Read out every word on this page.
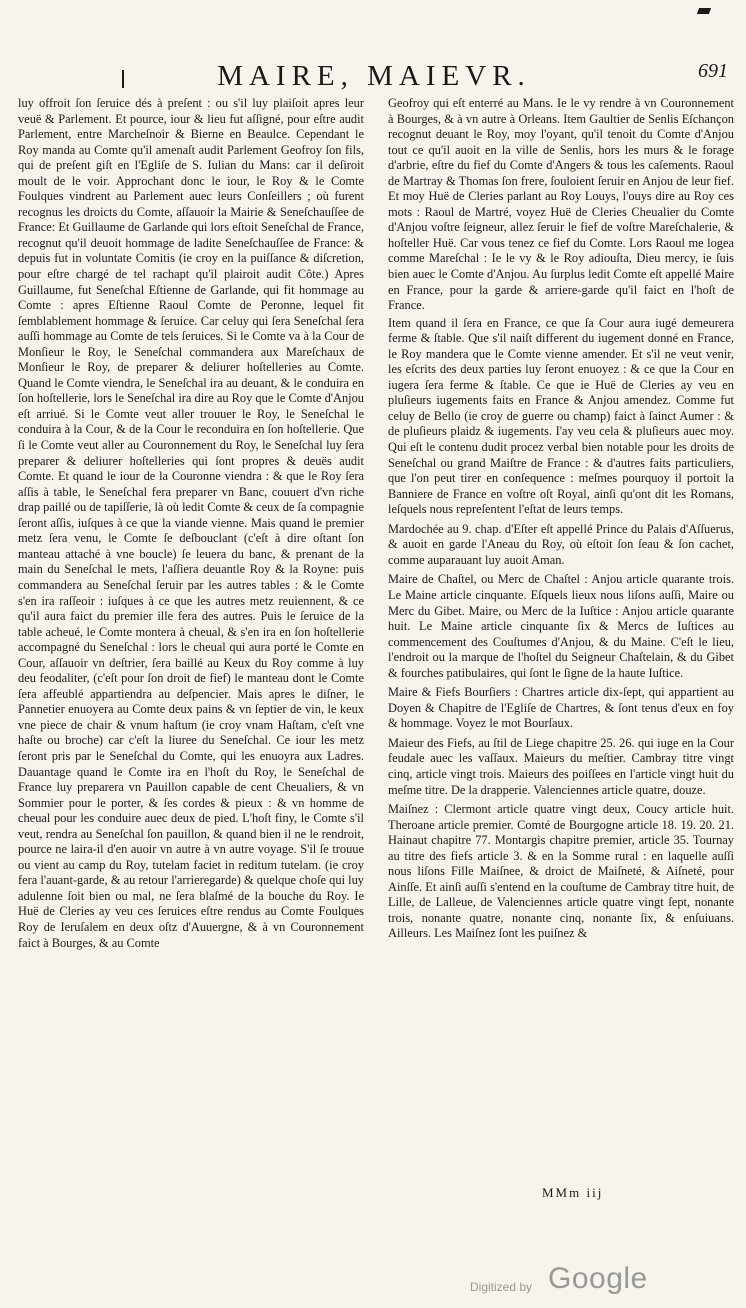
MAIRE, MAIEVR.	691

luy offroit ſon ſeruice dés à preſent : ou s'il luy plaiſoit apres leur veuë & Parlement. Et pource, iour & lieu fut aſſigné, pour eſtre audit Parlement, entre Marcheſnoir & Bierne en Beaulce. Cependant le Roy manda au Comte qu'il amenaſt audit Parlement Geofroy ſon fils, qui de preſent giſt en l'Egliſe de S. Iulian du Mans: car il deſiroit moult de le voir. Approchant donc le iour, le Roy & le Comte Foulques vindrent au Parlement auec leurs Conſeillers ; où furent recognus les droicts du Comte, aſſauoir la Mairie & Seneſchauſſee de France: Et Guillaume de Garlande qui lors eſtoit Seneſchal de France, recognut qu'il deuoit hommage de ladite Seneſchauſſee de France: & depuis fut in voluntate Comitis (ie croy en la puiſſance & diſcretion, pour eſtre chargé de tel rachapt qu'il plairoit audit Côte.) Apres Guillaume, fut Seneſchal Eſtienne de Garlande, qui fit hommage au Comte : apres Eſtienne Raoul Comte de Peronne, lequel fit ſemblablement hommage & ſeruice. Car celuy qui ſera Seneſchal ſera auſſi hommage au Comte de tels ſeruices. Si le Comte va à la Cour de Monſieur le Roy, le Seneſchal commandera aux Mareſchaux de Monſieur le Roy, de preparer & deliurer hoſtelleries au Comte. Quand le Comte viendra, le Seneſchal ira au deuant, & le conduira en ſon hoſtellerie, lors le Seneſchal ira dire au Roy que le Comte d'Anjou eſt arriué. Si le Comte veut aller trouuer le Roy, le Seneſchal le conduira à la Cour, & de la Cour le reconduira en ſon hoſtellerie. Que ſi le Comte veut aller au Couronnement du Roy, le Seneſchal luy ſera preparer & deliurer hoſtelleries qui ſont propres & deuës audit Comte. Et quand le iour de la Couronne viendra : & que le Roy ſera aſſis à table, le Seneſchal fera preparer vn Banc, couuert d'vn riche drap paillé ou de tapiſſerie, là où ledit Comte & ceux de ſa compagnie ſeront aſſis, iuſques à ce que la viande vienne. Mais quand le premier metz ſera venu, le Comte ſe deſbouclant (c'eſt à dire oſtant ſon manteau attaché à vne boucle) ſe leuera du banc, & prenant de la main du Seneſchal le mets, l'aſſiera deuantle Roy & la Royne: puis commandera au Seneſchal ſeruir par les autres tables : & le Comte s'en ira raſſeoir : iuſques à ce que les autres metz reuiennent, & ce qu'il aura faict du premier ille fera des autres. Puis le ſeruice de la table acheué, le Comte montera à cheual, & s'en ira en ſon hoſtellerie accompagné du Seneſchal : lors le cheual qui aura porté le Comte en Cour, aſſauoir vn deſtrier, ſera baillé au Keux du Roy comme à luy deu feodaliter, (c'eſt pour ſon droit de fief) le manteau dont le Comte ſera affeublé appartiendra au deſpencier. Mais apres le diſner, le Pannetier enuoyera au Comte deux pains & vn ſeptier de vin, le keux vne piece de chair & vnum haſtum (ie croy vnam Haſtam, c'eſt vne haſte ou broche) car c'eſt la liuree du Seneſchal. Ce iour les metz ſeront pris par le Seneſchal du Comte, qui les enuoyra aux Ladres. Dauantage quand le Comte ira en l'hoſt du Roy, le Seneſchal de France luy preparera vn Pauillon capable de cent Cheualiers, & vn Sommier pour le porter, & ſes cordes & pieux : & vn homme de cheual pour les conduire auec deux de pied. L'hoſt finy, le Comte s'il veut, rendra au Seneſchal ſon pauillon, & quand bien il ne le rendroit, pource ne laira-il d'en auoir vn autre à vn autre voyage. S'il ſe trouue ou vient au camp du Roy, tutelam faciet in reditum tutelam. (ie croy fera l'auant-garde, & au retour l'arrieregarde) & quelque choſe qui luy adulenne ſoit bien ou mal, ne ſera blaſmé de la bouche du Roy. Ie Huë de Cleries ay veu ces ſeruices eſtre rendus au Comte Foulques Roy de Ieruſalem en deux oſtz d'Auuergne, & à vn Couronnement faict à Bourges, & au Comte

Geofroy qui eſt enterré au Mans. Ie le vy rendre à vn Couronnement à Bourges, & à vn autre à Orleans. Item Gaultier de Senlis Eſchançon recognut deuant le Roy, moy l'oyant, qu'il tenoit du Comte d'Anjou tout ce qu'il auoit en la ville de Senlis, hors les murs & le forage d'arbrie, eſtre du fief du Comte d'Angers & tous les caſements. Raoul de Martray & Thomas ſon frere, ſouloient ſeruir en Anjou de leur fief. Et moy Huë de Cleries parlant au Roy Louys, l'ouys dire au Roy ces mots : Raoul de Martré, voyez Huë de Cleries Cheualier du Comte d'Anjou voſtre ſeigneur, allez ſeruir le fief de voſtre Mareſchalerie, & hoſteller Huë. Car vous tenez ce fief du Comte. Lors Raoul me logea comme Mareſchal : Ie le vy & le Roy adiouſta, Dieu mercy, ie ſuis bien auec le Comte d'Anjou. Au ſurplus ledit Comte eſt appellé Maire en France, pour la garde & arriere-garde qu'il faict en l'hoſt de France.

Item quand il ſera en France, ce que ſa Cour aura iugé demeurera ferme & ſtable. Que s'il naiſt different du iugement donné en France, le Roy mandera que le Comte vienne amender. Et s'il ne veut venir, les eſcrits des deux parties luy ſeront enuoyez : & ce que la Cour en iugera ſera ferme & ſtable. Ce que ie Huë de Cleries ay veu en pluſieurs iugements faits en France & Anjou amendez. Comme fut celuy de Bello (ie croy de guerre ou champ) faict à ſainct Aumer : & de pluſieurs plaidz & iugements. I'ay veu cela & pluſieurs auec moy. Qui eſt le contenu dudit procez verbal bien notable pour les droits de Seneſchal ou grand Maiſtre de France : & d'autres faits particuliers, que l'on peut tirer en conſequence : meſmes pourquoy il portoit la Banniere de France en voſtre oſt Royal, ainſi qu'ont dit les Romans, leſquels nous repreſentent l'eſtat de leurs temps.

Mardochée au 9. chap. d'Eſter eſt appellé Prince du Palais d'Aſſuerus, & auoit en garde l'Aneau du Roy, où eſtoit ſon ſeau & ſon cachet, comme auparauant luy auoit Aman.

Maire de Chaſtel, ou Merc de Chaſtel : Anjou article quarante trois. Le Maine article cinquante. Eſquels lieux nous liſons auſſi, Maire ou Merc du Gibet. Maire, ou Merc de la Iuſtice : Anjou article quarante huit. Le Maine article cinquante ſix & Mercs de Iuſtices au commencement des Couſtumes d'Anjou, & du Maine. C'eſt le lieu, l'endroit ou la marque de l'hoſtel du Seigneur Chaſtelain, & du Gibet & fourches patibulaires, qui ſont le ſigne de la haute Iuſtice.

Maire & Fiefs Bourſiers : Chartres article dix-ſept, qui appartient au Doyen & Chapitre de l'Egliſe de Chartres, & ſont tenus d'eux en foy & hommage. Voyez le mot Bourſaux.

Maieur des Fiefs, au ſtil de Liege chapitre 25. 26. qui iuge en la Cour feudale auec les vaſſaux. Maieurs du meſtier. Cambray titre vingt cinq, article vingt trois. Maieurs des poiſſees en l'article vingt huit du meſme titre. De la drapperie. Valenciennes article quatre, douze.

Maiſnez : Clermont article quatre vingt deux, Coucy article huit. Theroane article premier. Comté de Bourgogne article 18. 19. 20. 21. Hainaut chapitre 77. Montargis chapitre premier, article 35. Tournay au titre des fiefs article 3. & en la Somme rural : en laquelle auſſi nous liſons Fille Maiſnee, & droict de Maiſneté, & Aiſneté, pour Ainſſe. Et ainſi auſſi s'entend en la couſtume de Cambray titre huit, de Lille, de Lalleue, de Valenciennes article quatre vingt ſept, nonante trois, nonante quatre, nonante cinq, nonante ſix, & enſuiuans. Ailleurs. Les Maiſnez ſont les puiſnez &

MMm iij
Digitized by Google
